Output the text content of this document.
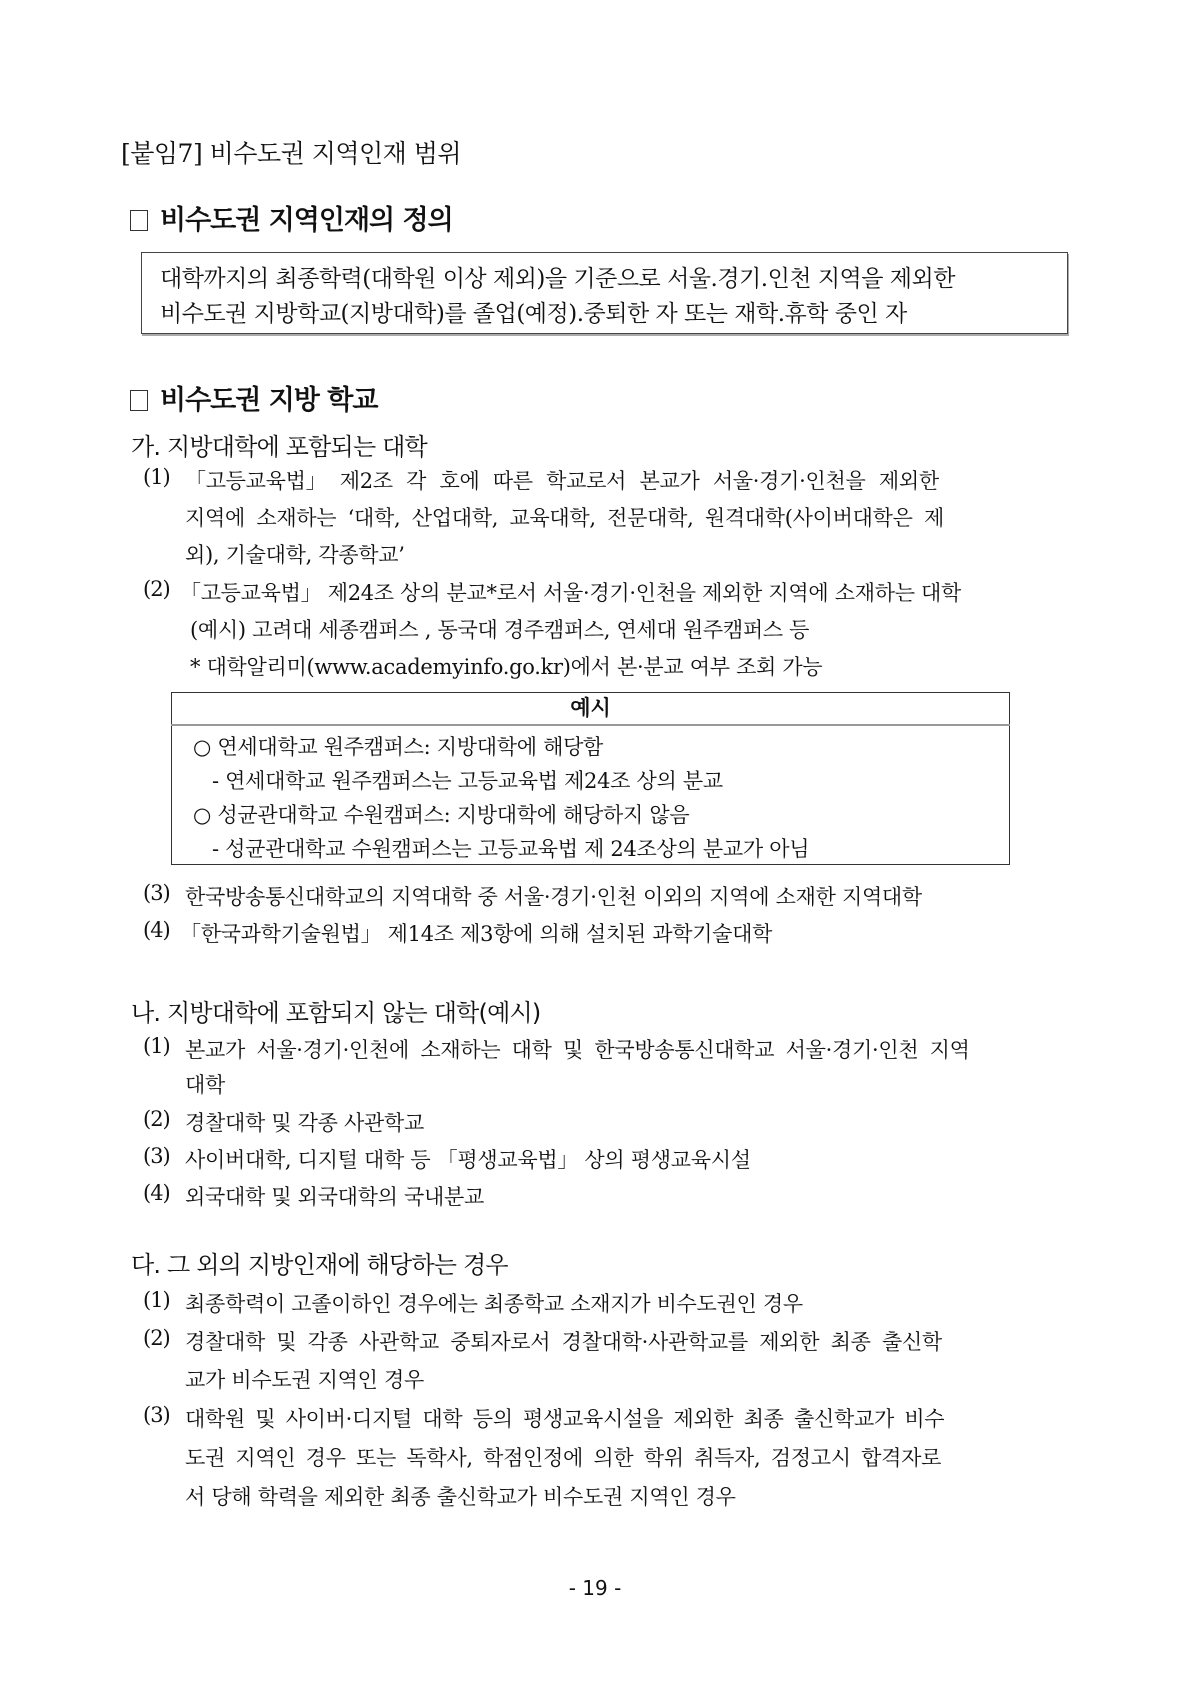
[붙임7] 비수도권 지역인재 범위
비수도권 지역인재의 정의
대학까지의 최종학력(대학원 이상 제외)을 기준으로 서울.경기.인천 지역을 제외한
비수도권 지방학교(지방대학)를 졸업(예정).중퇴한 자 또는 재학.휴학 중인 자
비수도권 지방 학교
가. 지방대학에 포함되는 대학
(1) 「고등교육법」 제2조 각 호에 따른 학교로서 본교가 서울·경기·인천을 제외한
지역에 소재하는 ‘대학, 산업대학, 교육대학, 전문대학, 원격대학(사이버대학은 제
외), 기술대학, 각종학교’
(2) 「고등교육법」 제24조 상의 분교*로서 서울·경기·인천을 제외한 지역에 소재하는 대학
(예시) 고려대 세종캠퍼스 , 동국대 경주캠퍼스, 연세대 원주캠퍼스 등
* 대학알리미(www.academyinfo.go.kr)에서 본·분교 여부 조회 가능
예시
○ 연세대학교 원주캠퍼스: 지방대학에 해당함
- 연세대학교 원주캠퍼스는 고등교육법 제24조 상의 분교
○ 성균관대학교 수원캠퍼스: 지방대학에 해당하지 않음
- 성균관대학교 수원캠퍼스는 고등교육법 제 24조상의 분교가 아님
(3) 한국방송통신대학교의 지역대학 중 서울·경기·인천 이외의 지역에 소재한 지역대학
(4) 「한국과학기술원법」 제14조 제3항에 의해 설치된 과학기술대학
나. 지방대학에 포함되지 않는 대학(예시)
(1) 본교가 서울·경기·인천에 소재하는 대학 및 한국방송통신대학교 서울·경기·인천 지역
대학
(2) 경찰대학 및 각종 사관학교
(3) 사이버대학, 디지털 대학 등 「평생교육법」 상의 평생교육시설
(4) 외국대학 및 외국대학의 국내분교
다. 그 외의 지방인재에 해당하는 경우
(1) 최종학력이 고졸이하인 경우에는 최종학교 소재지가 비수도권인 경우
(2) 경찰대학 및 각종 사관학교 중퇴자로서 경찰대학·사관학교를 제외한 최종 출신학
교가 비수도권 지역인 경우
(3) 대학원 및 사이버·디지털 대학 등의 평생교육시설을 제외한 최종 출신학교가 비수
도권 지역인 경우 또는 독학사, 학점인정에 의한 학위 취득자, 검정고시 합격자로
서 당해 학력을 제외한 최종 출신학교가 비수도권 지역인 경우
- 19 -
